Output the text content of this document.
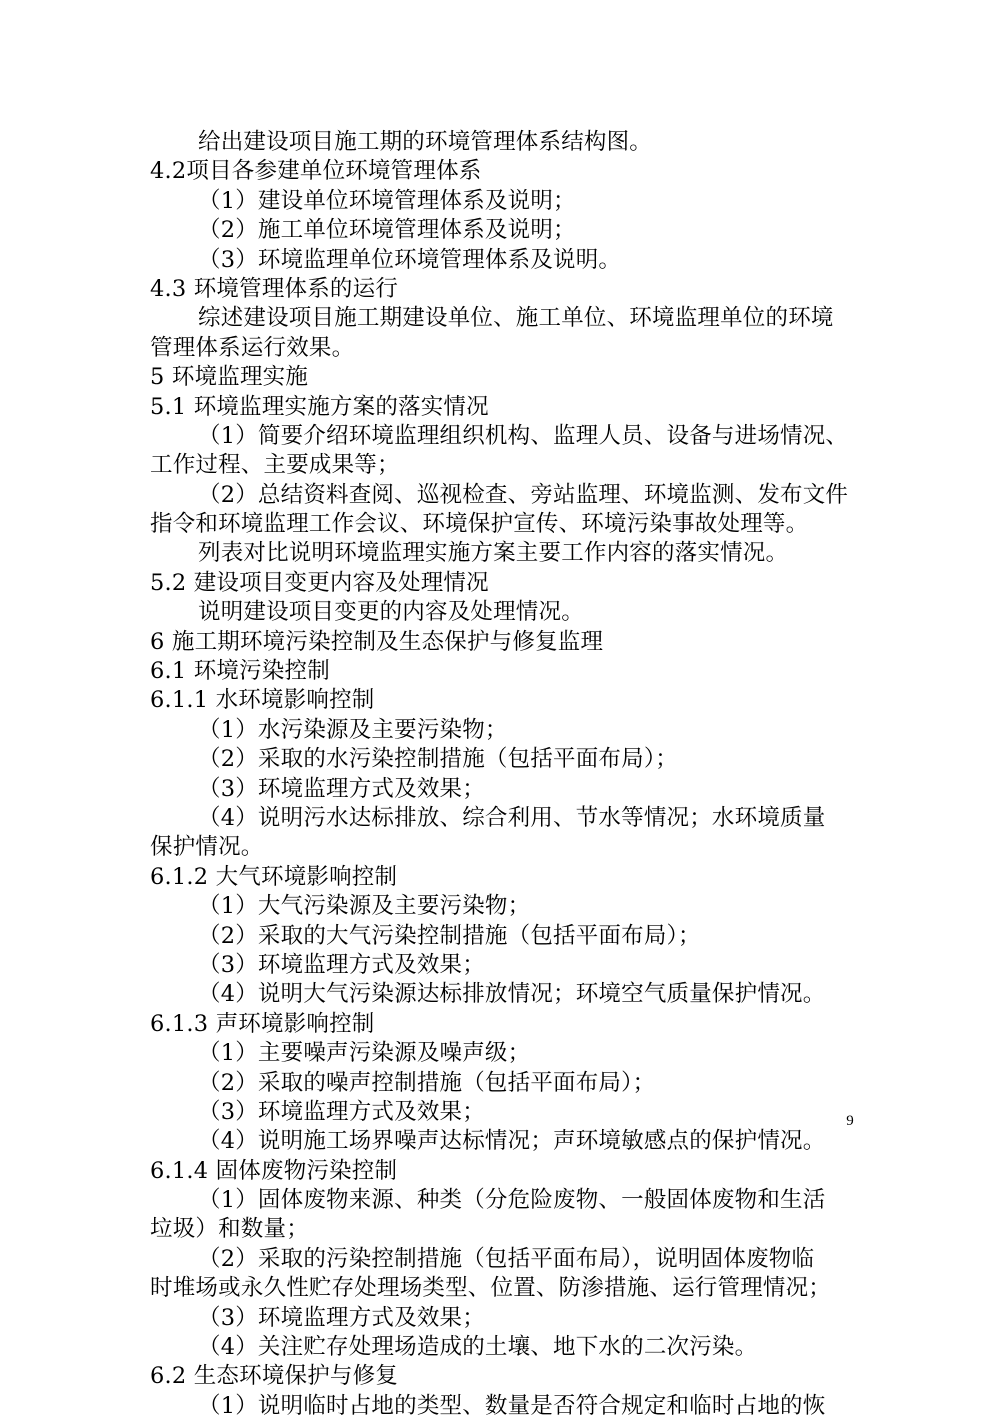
给出建设项目施工期的环境管理体系结构图。
4.2项目各参建单位环境管理体系
（1）建设单位环境管理体系及说明；
（2）施工单位环境管理体系及说明；
（3）环境监理单位环境管理体系及说明。
4.3 环境管理体系的运行
综述建设项目施工期建设单位、施工单位、环境监理单位的环境
管理体系运行效果。
5 环境监理实施
5.1 环境监理实施方案的落实情况
（1）简要介绍环境监理组织机构、监理人员、设备与进场情况、
工作过程、主要成果等；
（2）总结资料查阅、巡视检查、旁站监理、环境监测、发布文件
指令和环境监理工作会议、环境保护宣传、环境污染事故处理等。
列表对比说明环境监理实施方案主要工作内容的落实情况。
5.2 建设项目变更内容及处理情况
说明建设项目变更的内容及处理情况。
6 施工期环境污染控制及生态保护与修复监理
6.1 环境污染控制
6.1.1 水环境影响控制
（1）水污染源及主要污染物；
（2）采取的水污染控制措施（包括平面布局）；
（3）环境监理方式及效果；
（4）说明污水达标排放、综合利用、节水等情况；水环境质量
保护情况。
6.1.2 大气环境影响控制
（1）大气污染源及主要污染物；
（2）采取的大气污染控制措施（包括平面布局）；
（3）环境监理方式及效果；
（4）说明大气污染源达标排放情况；环境空气质量保护情况。
6.1.3 声环境影响控制
（1）主要噪声污染源及噪声级；
（2）采取的噪声控制措施（包括平面布局）；
（3）环境监理方式及效果；
（4）说明施工场界噪声达标情况；声环境敏感点的保护情况。
6.1.4 固体废物污染控制
（1）固体废物来源、种类（分危险废物、一般固体废物和生活
垃圾）和数量；
（2）采取的污染控制措施（包括平面布局），说明固体废物临
时堆场或永久性贮存处理场类型、位置、防渗措施、运行管理情况；
（3）环境监理方式及效果；
（4）关注贮存处理场造成的土壤、地下水的二次污染。
6.2 生态环境保护与修复
（1）说明临时占地的类型、数量是否符合规定和临时占地的恢
9
